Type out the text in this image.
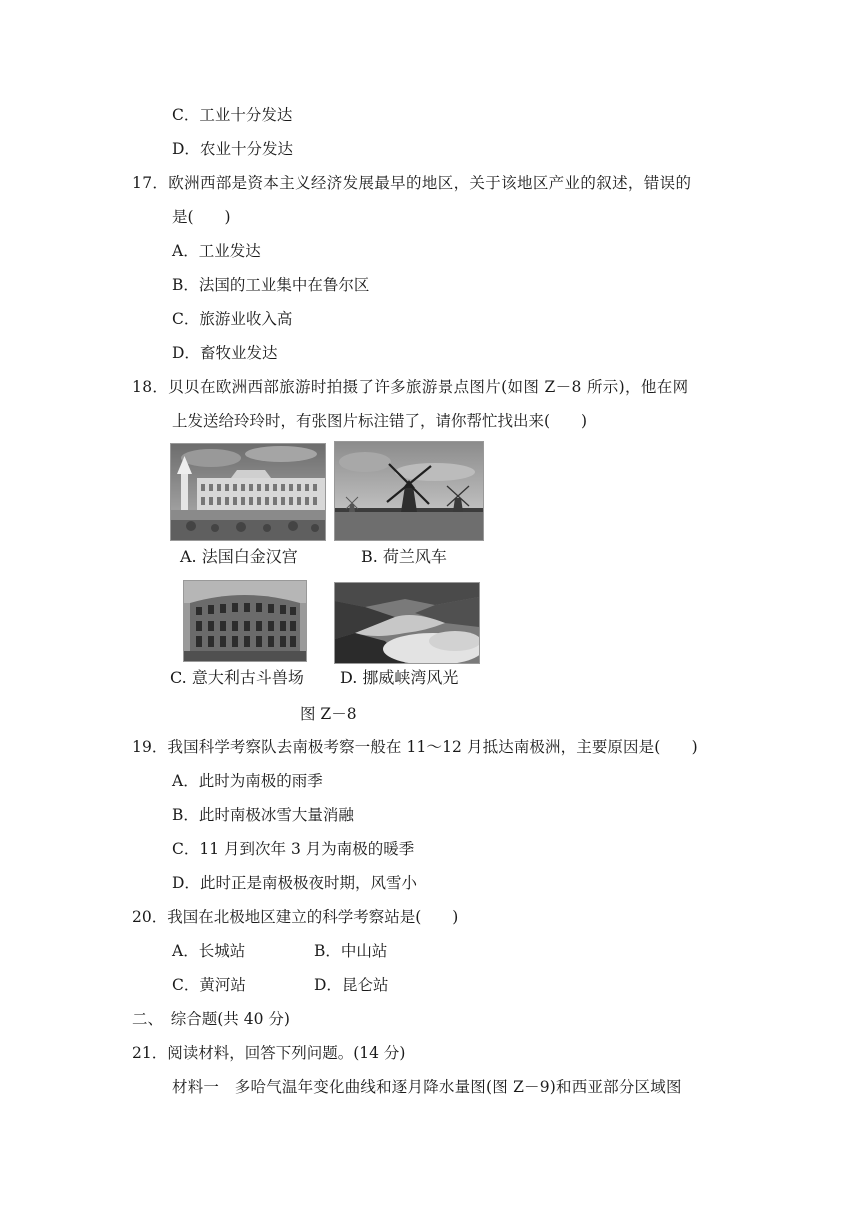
C．工业十分发达
D．农业十分发达
17．欧洲西部是资本主义经济发展最早的地区，关于该地区产业的叙述，错误的
是(　　)
A．工业发达
B．法国的工业集中在鲁尔区
C．旅游业收入高
D．畜牧业发达
18．贝贝在欧洲西部旅游时拍摄了许多旅游景点图片(如图 Z－8 所示)，他在网
上发送给玲玲时，有张图片标注错了，请你帮忙找出来(　　)
A. 法国白金汉宫	B. 荷兰风车
C. 意大利古斗兽场 D. 挪威峡湾风光
图 Z－8
19．我国科学考察队去南极考察一般在 11～12 月抵达南极洲，主要原因是(　　)
A．此时为南极的雨季
B．此时南极冰雪大量消融
C．11 月到次年 3 月为南极的暖季
D．此时正是南极极夜时期，风雪小
20．我国在北极地区建立的科学考察站是(　　)
A．长城站	B．中山站
C．黄河站	D．昆仑站
二、　综合题(共 40 分)
21．阅读材料，回答下列问题。(14 分)
材料一　多哈气温年变化曲线和逐月降水量图(图 Z－9)和西亚部分区域图
